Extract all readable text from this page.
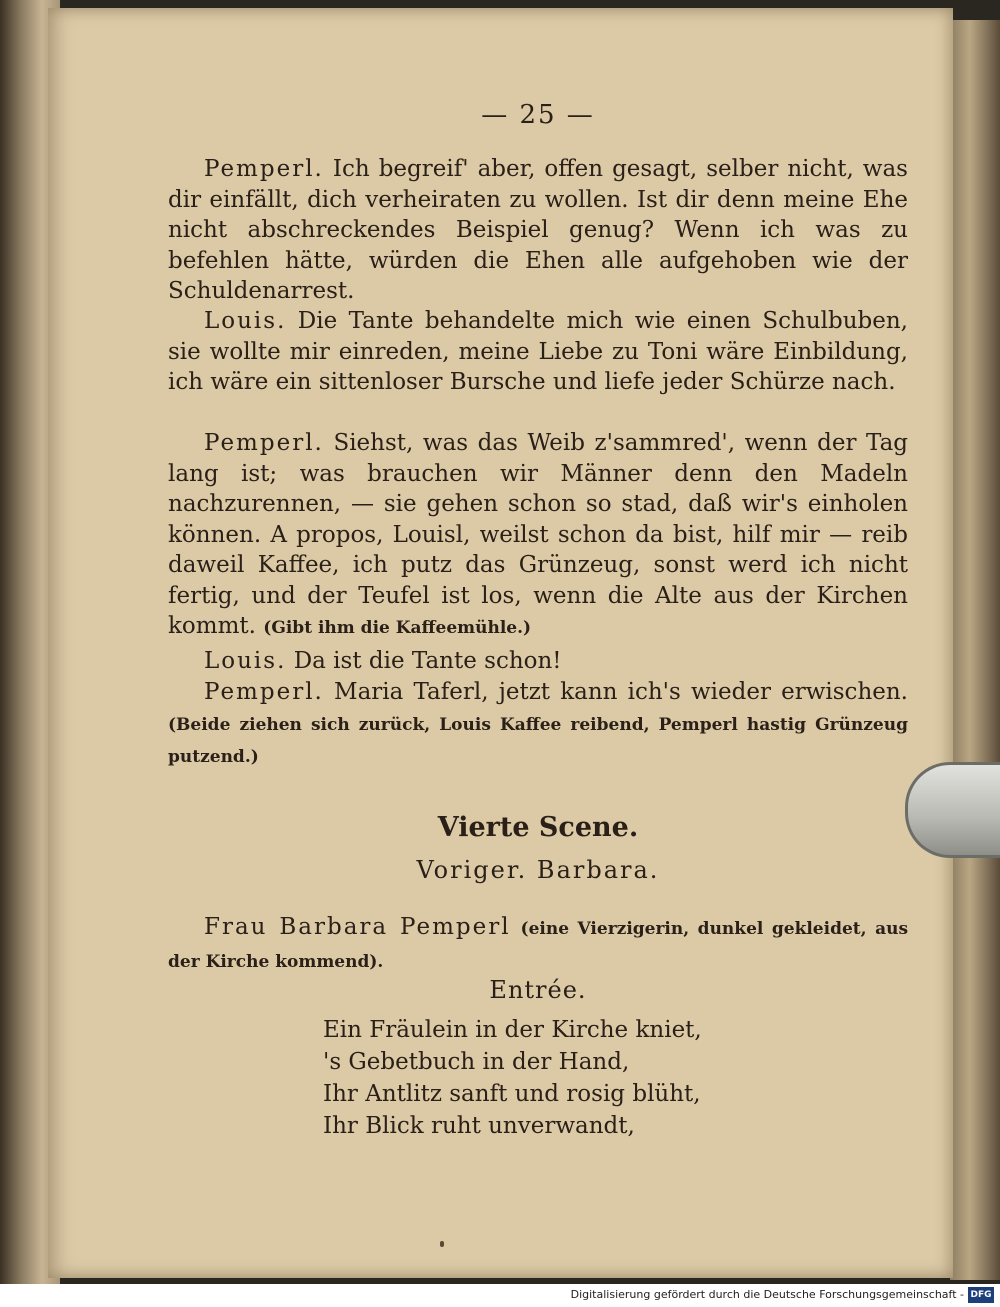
— 25 —
Pemperl. Ich begreif' aber, offen gesagt, selber nicht, was dir einfällt, dich verheiraten zu wollen. Ist dir denn meine Ehe nicht abschreckendes Beispiel genug? Wenn ich was zu befehlen hätte, würden die Ehen alle aufgehoben wie der Schuldenarrest.
Louis. Die Tante behandelte mich wie einen Schulbuben, sie wollte mir einreden, meine Liebe zu Toni wäre Einbildung, ich wäre ein sittenloser Bursche und liefe jeder Schürze nach.
Pemperl. Siehst, was das Weib z'sammred', wenn der Tag lang ist; was brauchen wir Männer denn den Madeln nachzurennen, — sie gehen schon so stad, daß wir's einholen können. A propos, Louisl, weilst schon da bist, hilf mir — reib daweil Kaffee, ich putz das Grünzeug, sonst werd ich nicht fertig, und der Teufel ist los, wenn die Alte aus der Kirchen kommt. (Gibt ihm die Kaffeemühle.)
Louis. Da ist die Tante schon!
Pemperl. Maria Taferl, jetzt kann ich's wieder erwischen. (Beide ziehen sich zurück, Louis Kaffee reibend, Pemperl hastig Grünzeug putzend.)
Vierte Scene.
Voriger. Barbara.
Frau Barbara Pemperl (eine Vierzigerin, dunkel gekleidet, aus der Kirche kommend).
Entrée.
Ein Fräulein in der Kirche kniet,
's Gebetbuch in der Hand,
Ihr Antlitz sanft und rosig blüht,
Ihr Blick ruht unverwandt,
Digitalisierung gefördert durch die Deutsche Forschungsgemeinschaft - DFG
